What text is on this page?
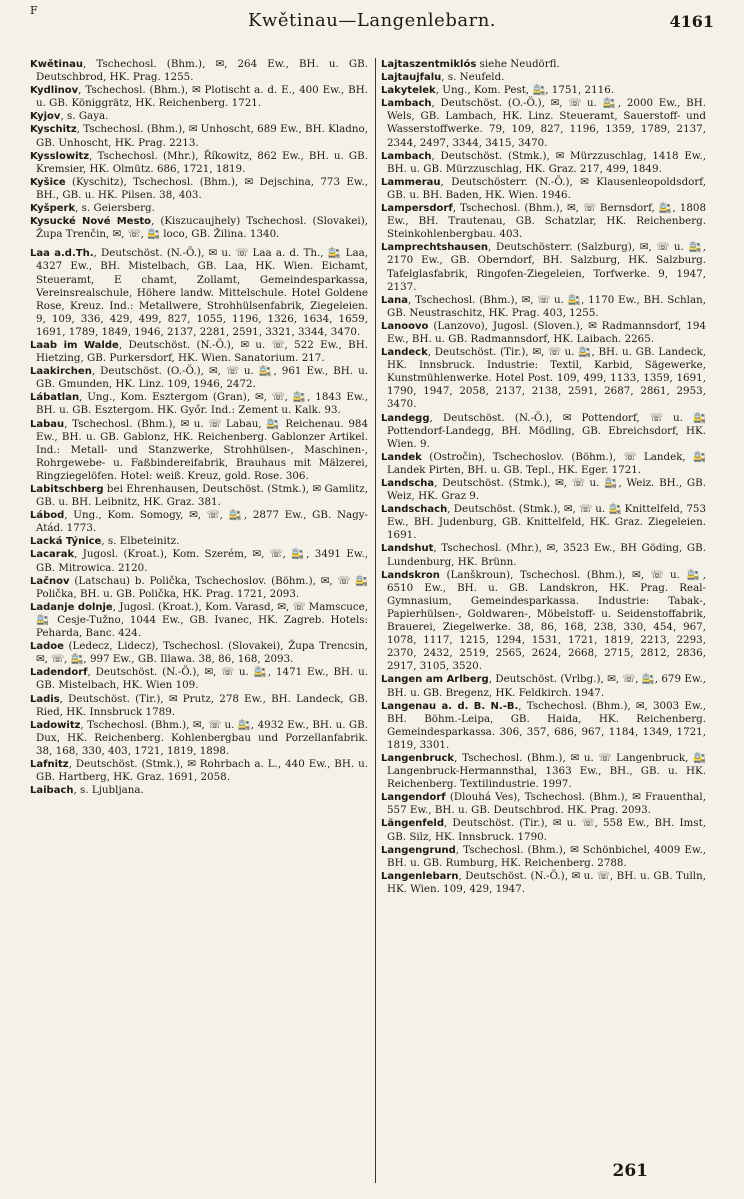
F	Kwětinau—Langenlebarn.	4161
Kwětinau, Tschechosl. (Bhm.), ✉, 264 Ew., BH. u. GB. Deutschbrod, HK. Prag. 1255.
Kydlinov, Tschechosl. (Bhm.), ✉ Plotischt a. d. E., 400 Ew., BH. u. GB. Königgrätz, HK. Reichenberg. 1721.
Kyjov, s. Gaya.
Kyschitz, Tschechosl. (Bhm.), ✉ Unhoscht, 689 Ew., BH. Kladno, GB. Unhoscht, HK. Prag. 2213.
Kysslowitz, Tschechosl. (Mhr.), Říkowitz, 862 Ew., BH. u. GB. Kremsier, HK. Olmütz. 686, 1721, 1819.
Kyšice (Kyschitz), Tschechosl. (Bhm.), ✉ Dejschina, 773 Ew., BH., GB. u. HK. Pilsen. 38, 403.
Kyšperk, s. Geiersberg.
Kysucké Nové Mesto, (Kiszucaujhely) Tschechosl. (Slovakei), Župa Trenčin, ✉, ☏, 🚉 loco, GB. Žilina. 1340.
Laa a.d.Th., Deutschöst. (N.-Ö.), ✉ u. ☏ Laa a. d. Th., 🚉 Laa, 4327 Ew., BH. Mistelbach, GB. Laa, HK. Wien. Eichamt, Steueramt, E chamt, Zollamt, Gemeindesparkassa, Vereinsrealschule, Höhere landw. Mittelschule. Hotel Goldene Rose, Kreuz. Ind.: Metallwere, Strohhülsenfabrik, Ziegeleien. 9, 109, 336, 429, 499, 827, 1055, 1196, 1326, 1634, 1659, 1691, 1789, 1849, 1946, 2137, 2281, 2591, 3321, 3344, 3470.
Laab im Walde, Deutschöst. (N.-Ö.), ✉ u. ☏, 522 Ew., BH. Hietzing, GB. Purkersdorf, HK. Wien. Sanatorium. 217.
Laakirchen, Deutschöst. (O.-Ö.), ✉, ☏ u. 🚉, 961 Ew., BH. u. GB. Gmunden, HK. Linz. 109, 1946, 2472.
Lábatlan, Ung., Kom. Esztergom (Gran), ✉, ☏, 🚉, 1843 Ew., BH. u. GB. Esztergom. HK. Győr. Ind.: Zement u. Kalk. 93.
Labau, Tschechosl. (Bhm.), ✉ u. ☏ Labau, 🚉 Reichenau. 984 Ew., BH. u. GB. Gablonz, HK. Reichenberg. Gablonzer Artikel. Ind.: Metall- und Stanzwerke, Strohhülsen-, Maschinen-, Rohrgewebe- u. Faßbindereifabrik, Brauhaus mit Mälzerei, Ringziegelöfen. Hotel: weiß. Kreuz, gold. Rose. 306.
Labitschberg bei Ehrenhausen, Deutschöst. (Stmk.), ✉ Gamlitz, GB. u. BH. Leibnitz, HK. Graz. 381.
Lábod, Ung., Kom. Somogy, ✉, ☏, 🚉, 2877 Ew., GB. Nagy-Atád. 1773.
Lacká Týnice, s. Elbeteinitz.
Lacarak, Jugosl. (Kroat.), Kom. Szerém, ✉, ☏, 🚉, 3491 Ew., GB. Mitrowica. 2120.
Lačnov (Latschau) b. Polička, Tschechoslov. (Böhm.), ✉, ☏ 🚉 Polička, BH. u. GB. Polička, HK. Prag. 1721, 2093.
Ladanje dolnje, Jugosl. (Kroat.), Kom. Varasd, ✉, ☏ Mamscuce, 🚉 Cesje-Tužno, 1044 Ew., GB. Ivanec, HK. Zagreb. Hotels: Peharda, Banc. 424.
Ladoe (Ledecz, Lidecz), Tschechosl. (Slovakei), Župa Trencsin, ✉, ☏, 🚉, 997 Ew., GB. Illawa. 38, 86, 168, 2093.
Ladendorf, Deutschöst. (N.-Ö.), ✉, ☏ u. 🚉, 1471 Ew., BH. u. GB. Mistelbach, HK. Wien 109.
Ladis, Deutschöst. (Tir.), ✉ Prutz, 278 Ew., BH. Landeck, GB. Ried, HK. Innsbruck 1789.
Ladowitz, Tschechosl. (Bhm.), ✉, ☏ u. 🚉, 4932 Ew., BH. u. GB. Dux, HK. Reichenberg. Kohlenbergbau und Porzellanfabrik. 38, 168, 330, 403, 1721, 1819, 1898.
Lafnitz, Deutschöst. (Stmk.), ✉ Rohrbach a. L., 440 Ew., BH. u. GB. Hartberg, HK. Graz. 1691, 2058.
Laibach, s. Ljubljana.
Lajtaszentmiklós siehe Neudörfl.
Lajtaujfalu, s. Neufeld.
Lakytelek, Ung., Kom. Pest, 🚉, 1751, 2116.
Lambach, Deutschöst. (O.-Ö.), ✉, ☏ u. 🚉, 2000 Ew., BH. Wels, GB. Lambach, HK. Linz. Steueramt, Sauerstoff- und Wasserstoffwerke. 79, 109, 827, 1196, 1359, 1789, 2137, 2344, 2497, 3344, 3415, 3470.
Lambach, Deutschöst. (Stmk.), ✉ Mürzzuschlag, 1418 Ew., BH. u. GB. Mürzzuschlag, HK. Graz. 217, 499, 1849.
Lammerau, Deutschösterr. (N.-Ö.), ✉ Klausenleopoldsdorf, GB. u. BH. Baden, HK. Wien. 1946.
Lampersdorf, Tschechosl. (Bhm.), ✉, ☏ Bernsdorf, 🚉, 1808 Ew., BH. Trautenau, GB. Schatzlar, HK. Reichenberg. Steinkohlenbergbau. 403.
Lamprechtshausen, Deutschösterr. (Salzburg), ✉, ☏ u. 🚉, 2170 Ew., GB. Oberndorf, BH. Salzburg, HK. Salzburg. Tafelglasfabrik, Ringofen-Ziegeleien, Torfwerke. 9, 1947, 2137.
Lana, Tschechosl. (Bhm.), ✉, ☏ u. 🚉, 1170 Ew., BH. Schlan, GB. Neustraschitz, HK. Prag. 403, 1255.
Lanoovo (Lanzovo), Jugosl. (Sloven.), ✉ Radmannsdorf, 194 Ew., BH. u. GB. Radmannsdorf, HK. Laibach. 2265.
Landeck, Deutschöst. (Tir.), ✉, ☏ u. 🚉, BH. u. GB. Landeck, HK. Innsbruck. Industrie: Textil, Karbid, Sägewerke, Kunstmühlenwerke. Hotel Post. 109, 499, 1133, 1359, 1691, 1790, 1947, 2058, 2137, 2138, 2591, 2687, 2861, 2953, 3470.
Landegg, Deutschöst. (N.-Ö.), ✉ Pottendorf, ☏ u. 🚉 Pottendorf-Landegg, BH. Mödling, GB. Ebreichsdorf, HK. Wien. 9.
Landek (Ostročin), Tschechoslov. (Böhm.), ☏ Landek, 🚉 Landek Pirten, BH. u. GB. Tepl., HK. Eger. 1721.
Landscha, Deutschöst. (Stmk.), ✉, ☏ u. 🚉, Weiz. BH., GB. Weiz, HK. Graz 9.
Landschach, Deutschöst. (Stmk.), ✉, ☏ u. 🚉 Knittelfeld, 753 Ew., BH. Judenburg, GB. Knittelfeld, HK. Graz. Ziegeleien. 1691.
Landshut, Tschechosl. (Mhr.), ✉, 3523 Ew., BH Göding, GB. Lundenburg, HK. Brünn.
Landskron (Lanškroun), Tschechosl. (Bhm.), ✉, ☏ u. 🚉, 6510 Ew., BH. u. GB. Landskron, HK. Prag. Real-Gymnasium, Gemeindesparkassa. Industrie: Tabak-, Papierhülsen-, Goldwaren-, Möbelstoff- u. Seidenstoffabrik, Brauerei, Ziegelwerke. 38, 86, 168, 238, 330, 454, 967, 1078, 1117, 1215, 1294, 1531, 1721, 1819, 2213, 2293, 2370, 2432, 2519, 2565, 2624, 2668, 2715, 2812, 2836, 2917, 3105, 3520.
Langen am Arlberg, Deutschöst. (Vrlbg.), ✉, ☏, 🚉, 679 Ew., BH. u. GB. Bregenz, HK. Feldkirch. 1947.
Langenau a. d. B. N.-B., Tschechosl. (Bhm.), ✉, 3003 Ew., BH. Böhm.-Leipa, GB. Haida, HK. Reichenberg. Gemeindesparkassa. 306, 357, 686, 967, 1184, 1349, 1721, 1819, 3301.
Langenbruck, Tschechosl. (Bhm.), ✉ u. ☏ Langenbruck, 🚉 Langenbruck-Hermannsthal, 1363 Ew., BH., GB. u. HK. Reichenberg. Textilindustrie. 1997.
Langendorf (Dlouhá Ves), Tschechosl. (Bhm.), ✉ Frauenthal, 557 Ew., BH. u. GB. Deutschbrod. HK. Prag. 2093.
Längenfeld, Deutschöst. (Tir.), ✉ u. ☏, 558 Ew., BH. Imst, GB. Silz, HK. Innsbruck. 1790.
Langengrund, Tschechosl. (Bhm.), ✉ Schönbichel, 4009 Ew., BH. u. GB. Rumburg, HK. Reichenberg. 2788.
Langenlebarn, Deutschöst. (N.-Ö.), ✉ u. ☏, BH. u. GB. Tulln, HK. Wien. 109, 429, 1947.
261
